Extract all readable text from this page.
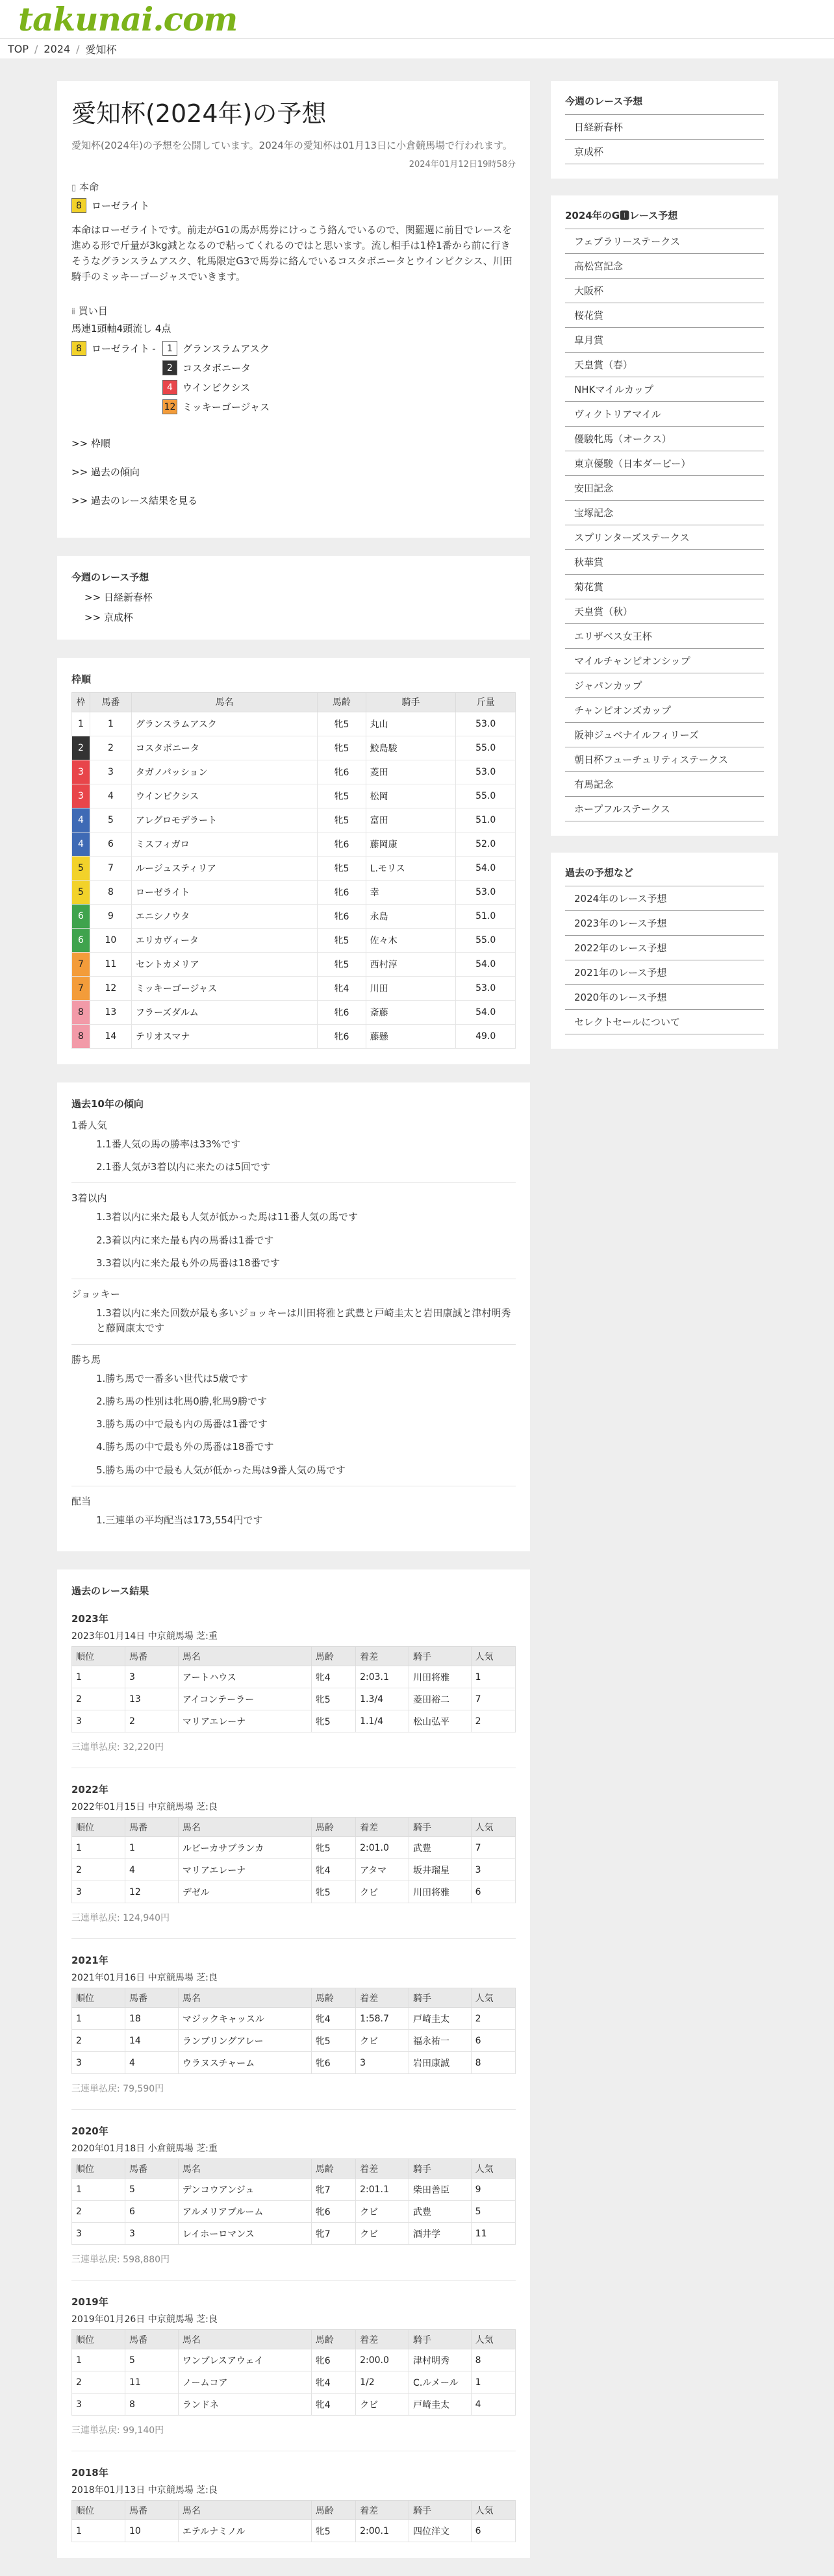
takunai.com
TOP / 2024 / 愛知杯
愛知杯(2024年)の予想
愛知杯(2024年)の予想を公開しています。2024年の愛知杯は01月13日に小倉競馬場で行われます。
2024年01月12日19時58分
▯ 本命
8	ローゼライト
本命はローゼライトです。前走がG1の馬が馬券にけっこう絡んでいるので、関羅週に前目でレースを進める形で斤量が3kg減となるので粘ってくれるのではと思います。流し相手は1枠1番から前に行きそうなグランスラムアスク、牝馬限定G3で馬券に絡んでいるコスタボニータとウインピクシス、川田騎手のミッキーゴージャスでいきます。
ⅱ 買い目
馬連1頭軸4頭流し 4点
8	ローゼライト -	1	グランスラムアスク
2	コスタボニータ
4	ウインピクシス
12 ミッキーゴージャス
>> 枠順
>> 過去の傾向
>> 過去のレース結果を見る
今週のレース予想
>> 日経新春杯
>> 京成杯
枠順
枠	馬番	馬名	馬齢	騎手	斤量

1	1	グランスラムアスク	牝5	丸山	53.0

2	2	コスタボニータ	牝5	鮫島駿	55.0

3	3	タガノパッション	牝6	菱田	53.0

3	4	ウインピクシス	牝5	松岡	55.0

4	5	アレグロモデラート	牝5	富田	51.0

4	6	ミスフィガロ	牝6	藤岡康	52.0

5	7	ルージュスティリア	牝5	L.モリス	54.0

5	8	ローゼライト	牝6	幸	53.0

6	9	エニシノウタ	牝6	永島	51.0

6	10	エリカヴィータ	牝5	佐々木	55.0

7	11	セントカメリア	牝5	西村淳	54.0

7	12	ミッキーゴージャス	牝4	川田	53.0

8	13	フラーズダルム	牝6	斎藤	54.0

8	14	テリオスマナ	牝6	藤懸	49.0
過去10年の傾向
1番人気
1.1番人気の馬の勝率は33%です
2.1番人気が3着以内に来たのは5回です
3着以内
1.3着以内に来た最も人気が低かった馬は11番人気の馬です
2.3着以内に来た最も内の馬番は1番です
3.3着以内に来た最も外の馬番は18番です
ジョッキー
1.3着以内に来た回数が最も多いジョッキーは川田将雅と武豊と戸崎圭太と岩田康誠と津村明秀と藤岡康太です
勝ち馬
1.勝ち馬で一番多い世代は5歳です
2.勝ち馬の性別は牝馬0勝,牝馬9勝です
3.勝ち馬の中で最も内の馬番は1番です
4.勝ち馬の中で最も外の馬番は18番です
5.勝ち馬の中で最も人気が低かった馬は9番人気の馬です
配当
1.三連単の平均配当は173,554円です
過去のレース結果
2023年
2023年01月14日 中京競馬場 芝:重
順位	馬番	馬名	馬齢	着差	騎手	人気
1	3	アートハウス	牝4	2:03.1	川田将雅	1
2	13	アイコンテーラー	牝5	1.3/4	菱田裕二	7
3	2	マリアエレーナ	牝5	1.1/4	松山弘平	2
三連単払戻: 32,220円
2022年
2022年01月15日 中京競馬場 芝:良
順位	馬番	馬名	馬齢	着差	騎手	人気
1	1	ルビーカサブランカ	牝5	2:01.0	武豊	7
2	4	マリアエレーナ	牝4	アタマ	坂井瑠星	3
3	12	デゼル	牝5	クビ	川田将雅	6
三連単払戻: 124,940円
2021年
2021年01月16日 中京競馬場 芝:良
順位	馬番	馬名	馬齢	着差	騎手	人気
1	18	マジックキャッスル	牝4	1:58.7	戸崎圭太	2
2	14	ランブリングアレー	牝5	クビ	福永祐一	6
3	4	ウラヌスチャーム	牝6	3	岩田康誠	8
三連単払戻: 79,590円
2020年
2020年01月18日 小倉競馬場 芝:重
順位	馬番	馬名	馬齢	着差	騎手	人気
1	5	デンコウアンジュ	牝7	2:01.1	柴田善臣	9
2	6	アルメリアブルーム	牝6	クビ	武豊	5
3	3	レイホーロマンス	牝7	クビ	酒井学	11
三連単払戻: 598,880円
2019年
2019年01月26日 中京競馬場 芝:良
順位	馬番	馬名	馬齢	着差	騎手	人気
1	5	ワンブレスアウェイ	牝6	2:00.0	津村明秀	8
2	11	ノームコア	牝4	1/2	C.ルメール	1
3	8	ランドネ	牝4	クビ	戸崎圭太	4
三連単払戻: 99,140円
2018年
2018年01月13日 中京競馬場 芝:良
順位	馬番	馬名	馬齢	着差	騎手	人気
1	10	エテルナミノル	牝5	2:00.1	四位洋文	6
今週のレース予想
日経新春杯
京成杯
2024年のG🅸レース予想
フェブラリーステークス
高松宮記念
大阪杯
桜花賞
皐月賞
天皇賞（春）
NHKマイルカップ
ヴィクトリアマイル
優駿牝馬（オークス）
東京優駿（日本ダービー）
安田記念
宝塚記念
スプリンターズステークス
秋華賞
菊花賞
天皇賞（秋）
エリザベス女王杯
マイルチャンピオンシップ
ジャパンカップ
チャンピオンズカップ
阪神ジュベナイルフィリーズ
朝日杯フューチュリティステークス
有馬記念
ホープフルステークス
過去の予想など
2024年のレース予想
2023年のレース予想
2022年のレース予想
2021年のレース予想
2020年のレース予想
セレクトセールについて
